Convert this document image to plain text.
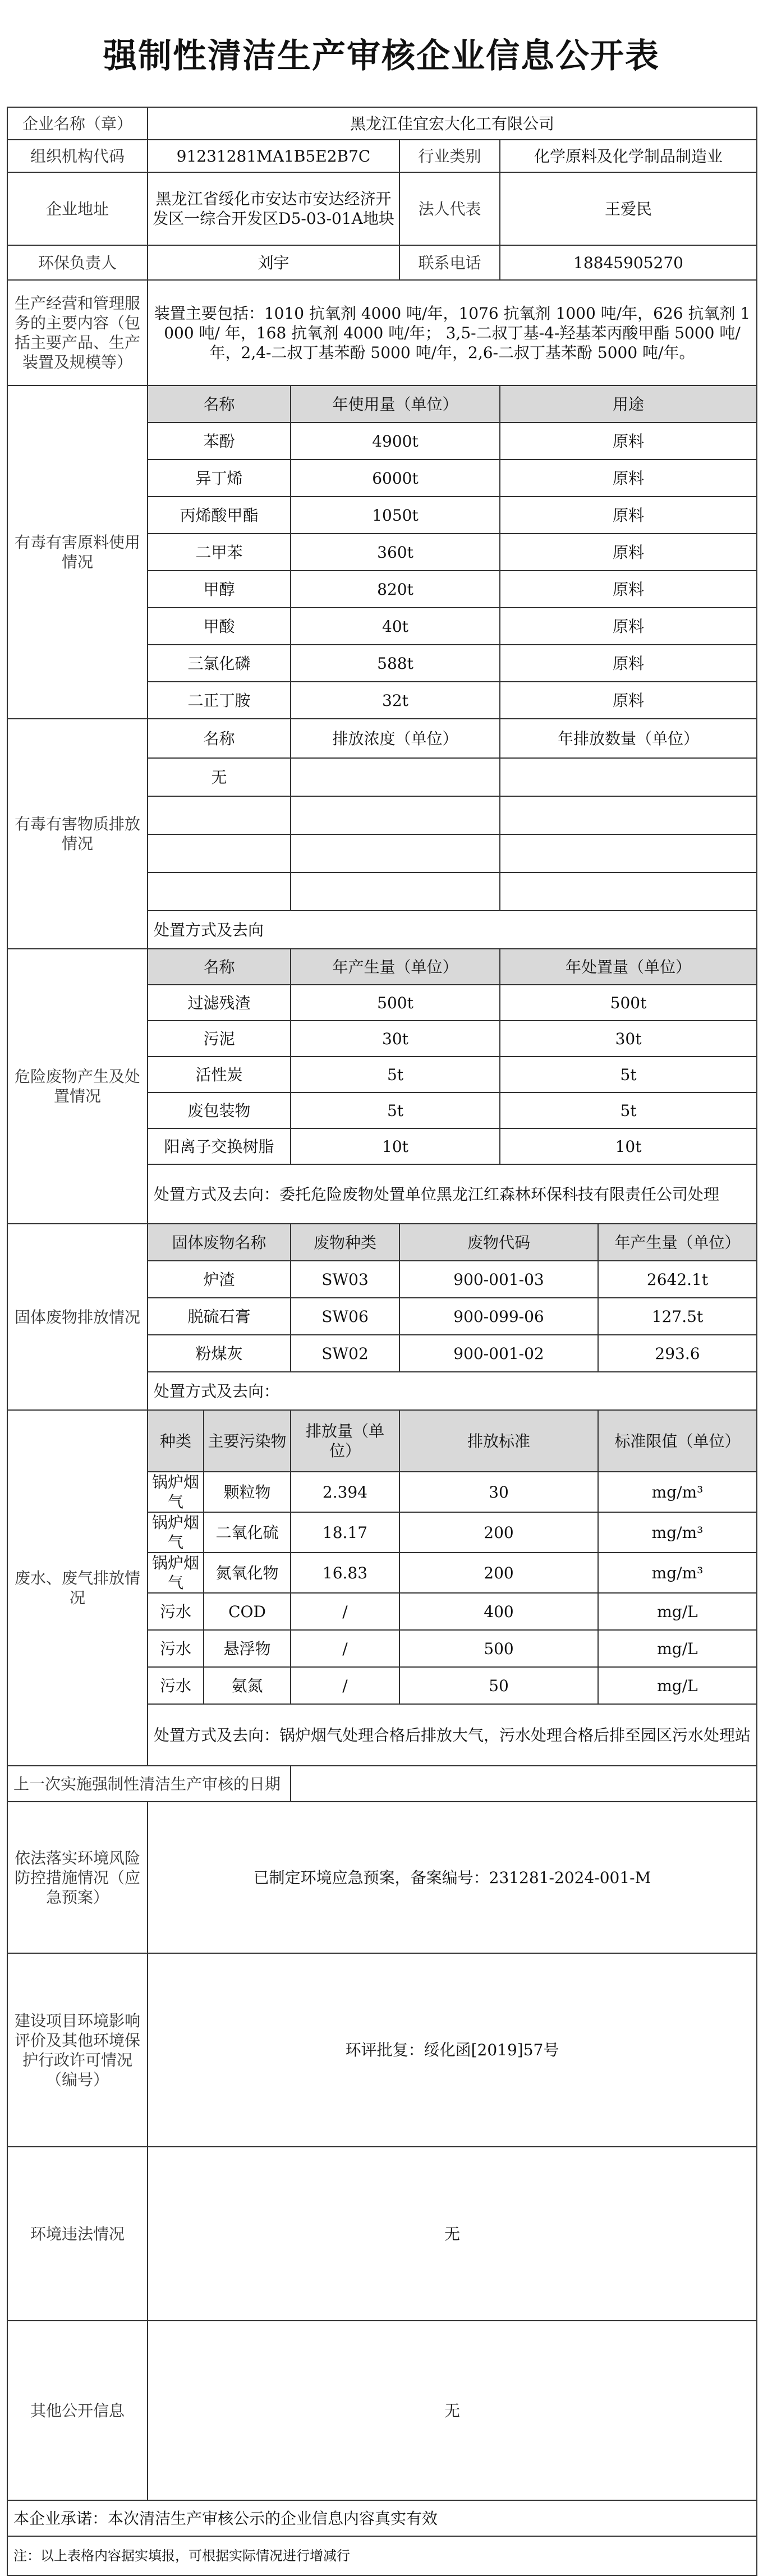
强制性清洁生产审核企业信息公开表
企业名称（章）	黑龙江佳宜宏大化工有限公司					
组织机构代码	91231281MA1B5E2B7C			行业类别	化学原料及化学制品制造业	
企业地址	黑龙江省绥化市安达市安达经济开发区一综合开发区D5-03-01A地块			法人代表	王爱民	
环保负责人	刘宇			联系电话	18845905270	
生产经营和管理服务的主要内容（包括主要产品、生产装置及规模等）	装置主要包括：1010 抗氧剂 4000 吨/年，1076 抗氧剂 1000 吨/年，626 抗氧剂 1000 吨/ 年，168 抗氧剂 4000 吨/年； 3,5-二叔丁基-4-羟基苯丙酸甲酯 5000 吨/年，2,4-二叔丁基苯酚 5000 吨/年，2,6-二叔丁基苯酚 5000 吨/年。					
有毒有害原料使用情况	名称		年使用量（单位）		用途	
	苯酚		4900t		原料	
	异丁烯		6000t		原料	
	丙烯酸甲酯		1050t		原料	
	二甲苯		360t		原料	
	甲醇		820t		原料	
	甲酸		40t		原料	
	三氯化磷		588t		原料	
	二正丁胺		32t		原料	
有毒有害物质排放情况	名称		排放浓度（单位）		年排放数量（单位）	
	无					

	处置方式及去向					
危险废物产生及处置情况	名称		年产生量（单位）		年处置量（单位）	
	过滤残渣		500t		500t	
	污泥		30t		30t	
	活性炭		5t		5t	
	废包装物		5t		5t	
	阳离子交换树脂		10t		10t	
	处置方式及去向：委托危险废物处置单位黑龙江红森林环保科技有限责任公司处理					
固体废物排放情况	固体废物名称		废物种类	废物代码		年产生量（单位）
	炉渣		SW03	900-001-03		2642.1t
	脱硫石膏		SW06	900-099-06		127.5t
	粉煤灰		SW02	900-001-02		293.6
	处置方式及去向：					
废水、废气排放情况	种类	主要污染物	排放量（单位）	排放标准		标准限值（单位）
	锅炉烟气	颗粒物	2.394	30		mg/m³
	锅炉烟气	二氧化硫	18.17	200		mg/m³
	锅炉烟气	氮氧化物	16.83	200		mg/m³
	污水	COD	/	400		mg/L
	污水	悬浮物	/	500		mg/L
	污水	氨氮	/	50		mg/L
	处置方式及去向：锅炉烟气处理合格后排放大气，污水处理合格后排至园区污水处理站					
上一次实施强制性清洁生产审核的日期						
依法落实环境风险防控措施情况（应急预案）	已制定环境应急预案，备案编号：231281-2024-001-M					
建设项目环境影响评价及其他环境保护行政许可情况（编号）	环评批复：绥化函[2019]57号					
环境违法情况	无					
其他公开信息	无					
本企业承诺：本次清洁生产审核公示的企业信息内容真实有效						
注：以上表格内容据实填报，可根据实际情况进行增减行						
